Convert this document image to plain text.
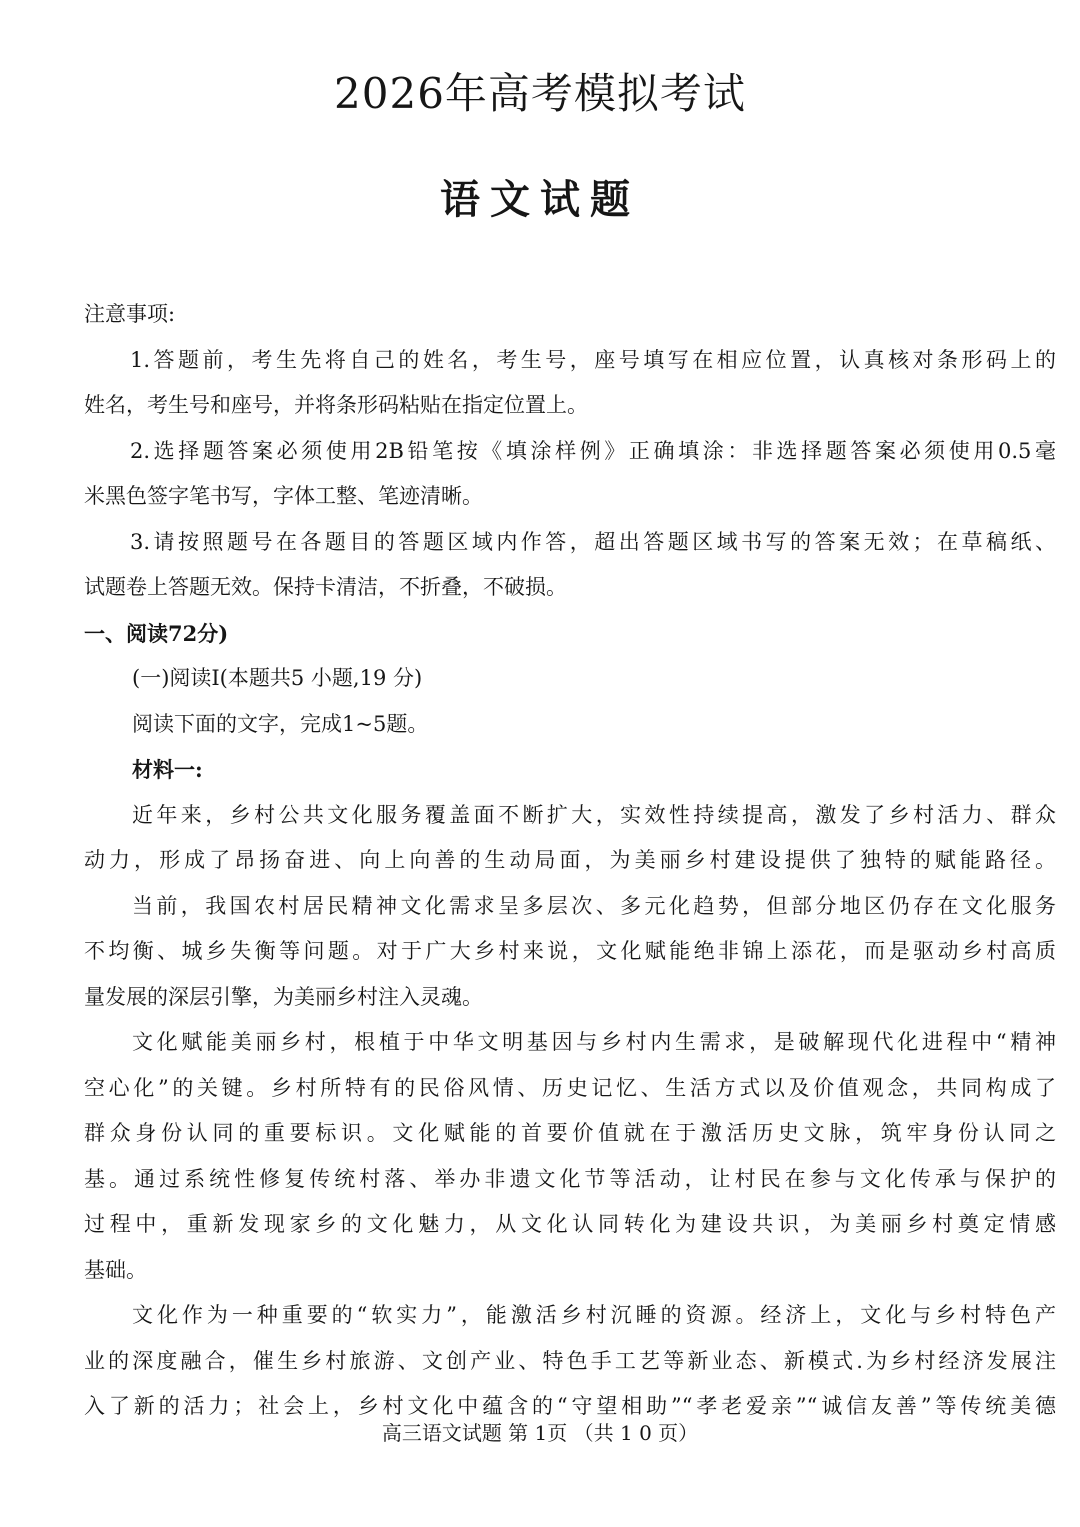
2026年高考模拟考试
语文试题
注意事项:
1.答题前，考生先将自己的姓名，考生号，座号填写在相应位置，认真核对条形码上的
姓名，考生号和座号，并将条形码粘贴在指定位置上。
2.选择题答案必须使用2B铅笔按《填涂样例》正确填涂：非选择题答案必须使用0.5毫
米黑色签字笔书写，字体工整、笔迹清晰。
3.请按照题号在各题目的答题区域内作答，超出答题区域书写的答案无效；在草稿纸、
试题卷上答题无效。保持卡清洁，不折叠，不破损。
一、阅读72分)
(一)阅读Ⅰ(本题共5 小题,19 分)
阅读下面的文字，完成1~5题。
材料一:
近年来，乡村公共文化服务覆盖面不断扩大，实效性持续提高，激发了乡村活力、群众
动力，形成了昂扬奋进、向上向善的生动局面，为美丽乡村建设提供了独特的赋能路径。
当前，我国农村居民精神文化需求呈多层次、多元化趋势，但部分地区仍存在文化服务
不均衡、城乡失衡等问题。对于广大乡村来说，文化赋能绝非锦上添花，而是驱动乡村高质
量发展的深层引擎，为美丽乡村注入灵魂。
文化赋能美丽乡村，根植于中华文明基因与乡村内生需求，是破解现代化进程中“精神
空心化”的关键。乡村所特有的民俗风情、历史记忆、生活方式以及价值观念，共同构成了
群众身份认同的重要标识。文化赋能的首要价值就在于激活历史文脉，筑牢身份认同之
基。通过系统性修复传统村落、举办非遗文化节等活动，让村民在参与文化传承与保护的
过程中，重新发现家乡的文化魅力，从文化认同转化为建设共识，为美丽乡村奠定情感
基础。
文化作为一种重要的“软实力”，能激活乡村沉睡的资源。经济上，文化与乡村特色产
业的深度融合，催生乡村旅游、文创产业、特色手工艺等新业态、新模式.为乡村经济发展注
入了新的活力；社会上，乡村文化中蕴含的“守望相助”“孝老爱亲”“诚信友善”等传统美德
高三语文试题 第 1页 （共 1 0 页）
